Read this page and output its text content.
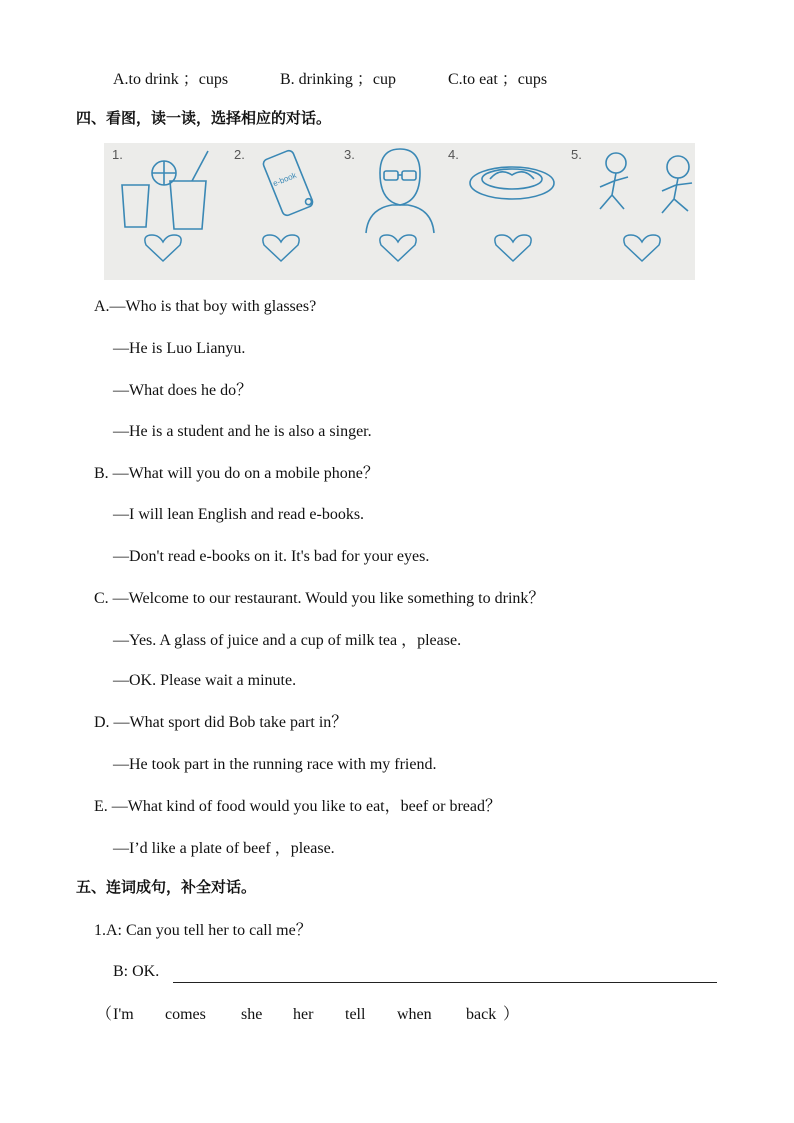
A.to drink ；cups	B. drinking ；cup	C.to eat ；cups
四、看图，读一读，选择相应的对话。
1.	2.	3.	4.	5.
e-book
A.—Who is that boy with glasses?
—He is Luo Lianyu.
—What does he do？
—He is a student and he is also a singer.
B. —What will you do on a mobile phone？
—I will lean English and read e-books.
—Don't read e-books on it. It's bad for your eyes.
C. —Welcome to our restaurant. Would you like something to drink？
—Yes. A glass of juice and a cup of milk tea ，please.
—OK. Please wait a minute.
D. —What sport did Bob take part in？
—He took part in the running race with my friend.
E. —What kind of food would you like to eat，beef or bread？
—I’d like a plate of beef ，please.
五、连词成句，补全对话。
1.A: Can you tell her to call me？
B: OK.
（ I'm comes she her tell when back ）
